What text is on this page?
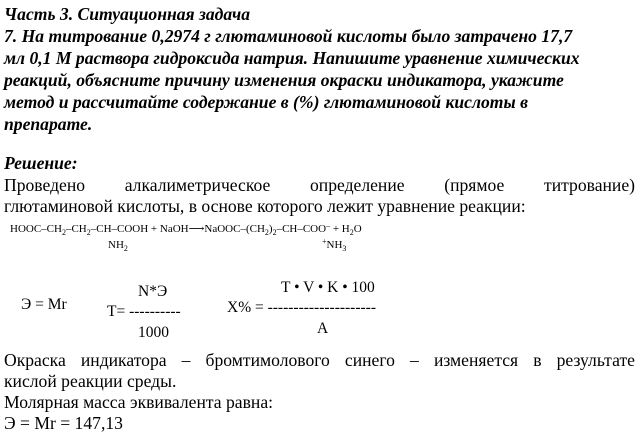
Часть 3. Ситуационная задача

7. На титрование 0,2974 г глютаминовой кислоты было затрачено 17,7

мл 0,1 М раствора гидроксида натрия. Напишите уравнение химических

реакций, объясните причину изменения окраски индикатора, укажите

метод и рассчитайте содержание в (%) глютаминовой кислоты в

препарате.

Решение:

Проведено алкалиметрическое определение (прямое титрование)

глютаминовой кислоты, в основе которого лежит уравнение реакции:

HOOC–$CH_2-CH_2-CH$–COOH + $NaOH⟶NaOOC-(CH_2)_2-CH-COO^- + H_2O$
$NH_2$
$^+NH_3$
Э = Mr
N*Э
T= ----------
1000
T • V • K • 100
X% = ---------------------
A
Окраска индикатора – бромтимолового синего – изменяется в результате

кислой реакции среды.

Молярная масса эквивалента равна:

Э = Mr = 147,13
